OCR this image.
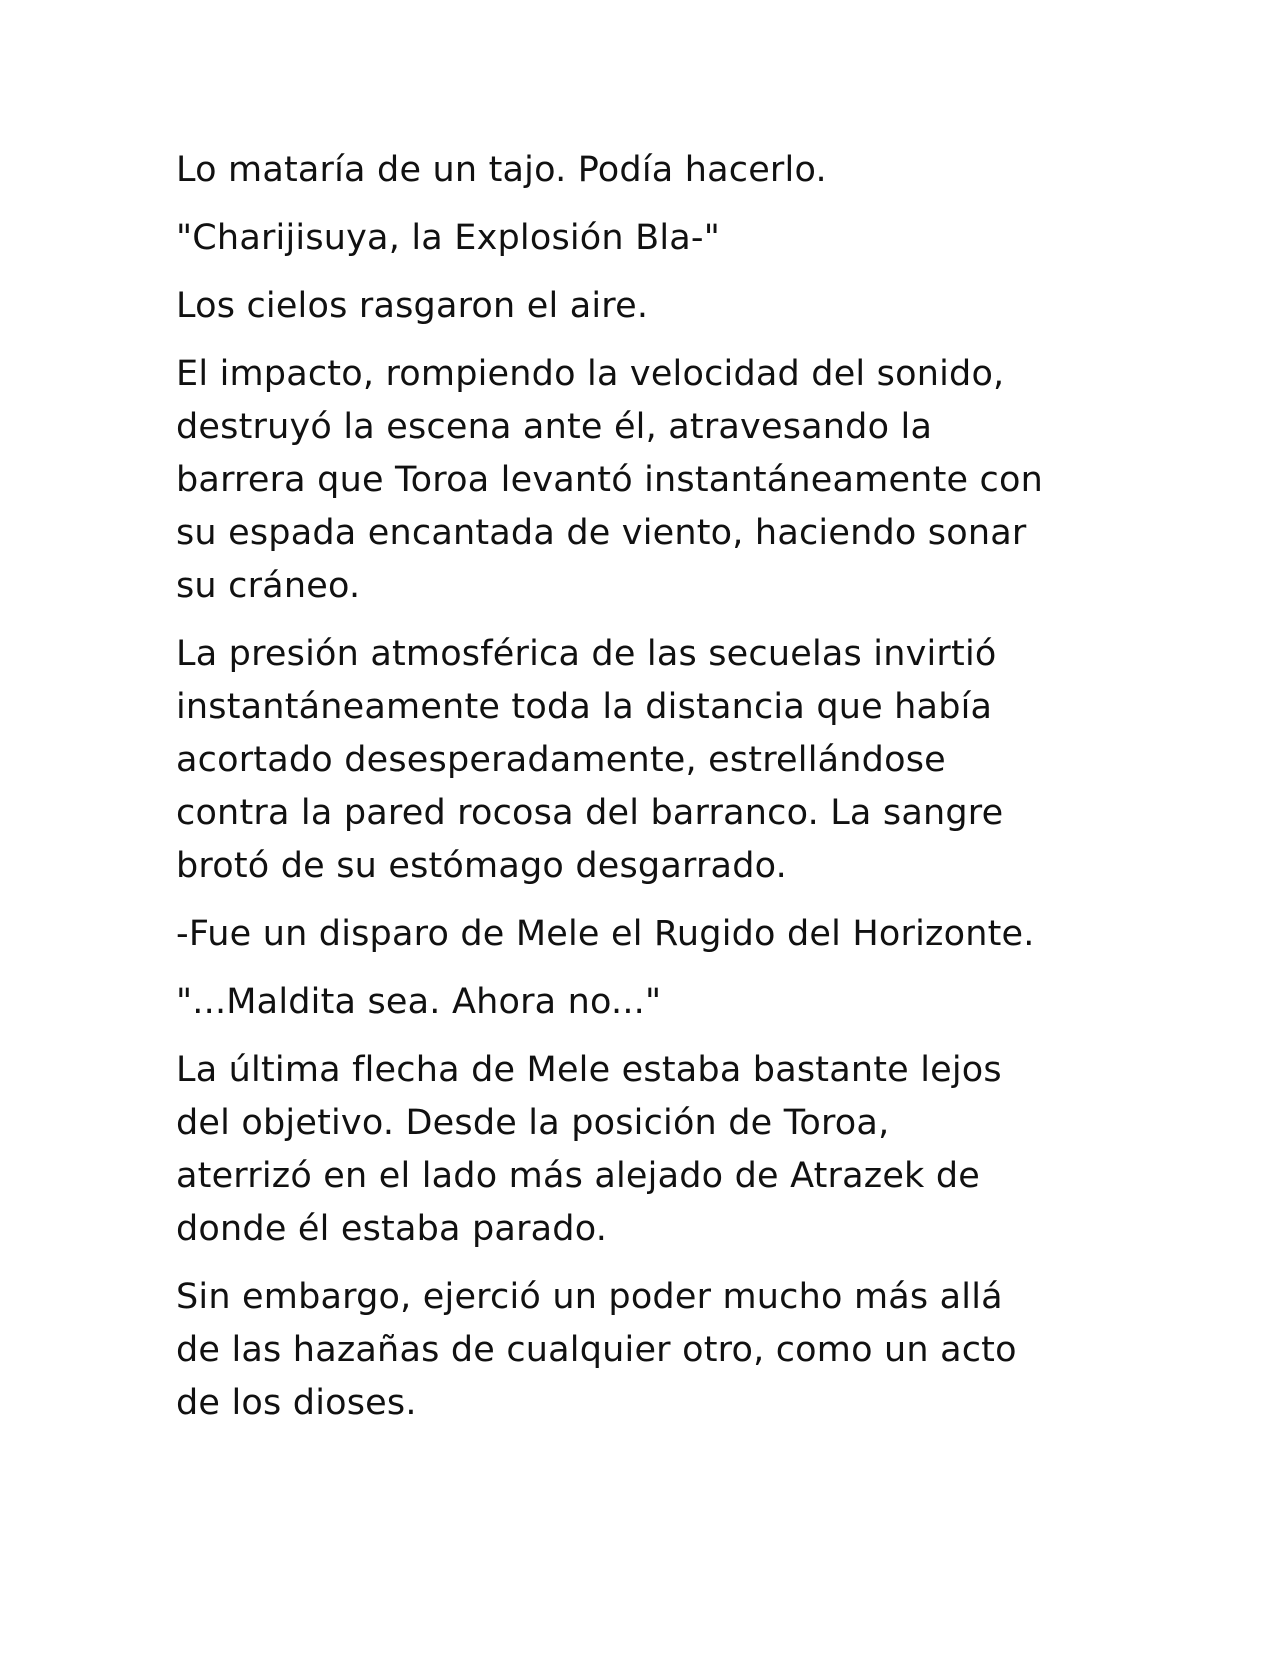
Lo mataría de un tajo. Podía hacerlo.

"Charijisuya, la Explosión Bla-"

Los cielos rasgaron el aire.

El impacto, rompiendo la velocidad del sonido,
destruyó la escena ante él, atravesando la
barrera que Toroa levantó instantáneamente con
su espada encantada de viento, haciendo sonar
su cráneo.

La presión atmosférica de las secuelas invirtió
instantáneamente toda la distancia que había
acortado desesperadamente, estrellándose
contra la pared rocosa del barranco. La sangre
brotó de su estómago desgarrado.

-Fue un disparo de Mele el Rugido del Horizonte.

"...Maldita sea. Ahora no..."

La última flecha de Mele estaba bastante lejos
del objetivo. Desde la posición de Toroa,
aterrizó en el lado más alejado de Atrazek de
donde él estaba parado.

Sin embargo, ejerció un poder mucho más allá
de las hazañas de cualquier otro, como un acto
de los dioses.
